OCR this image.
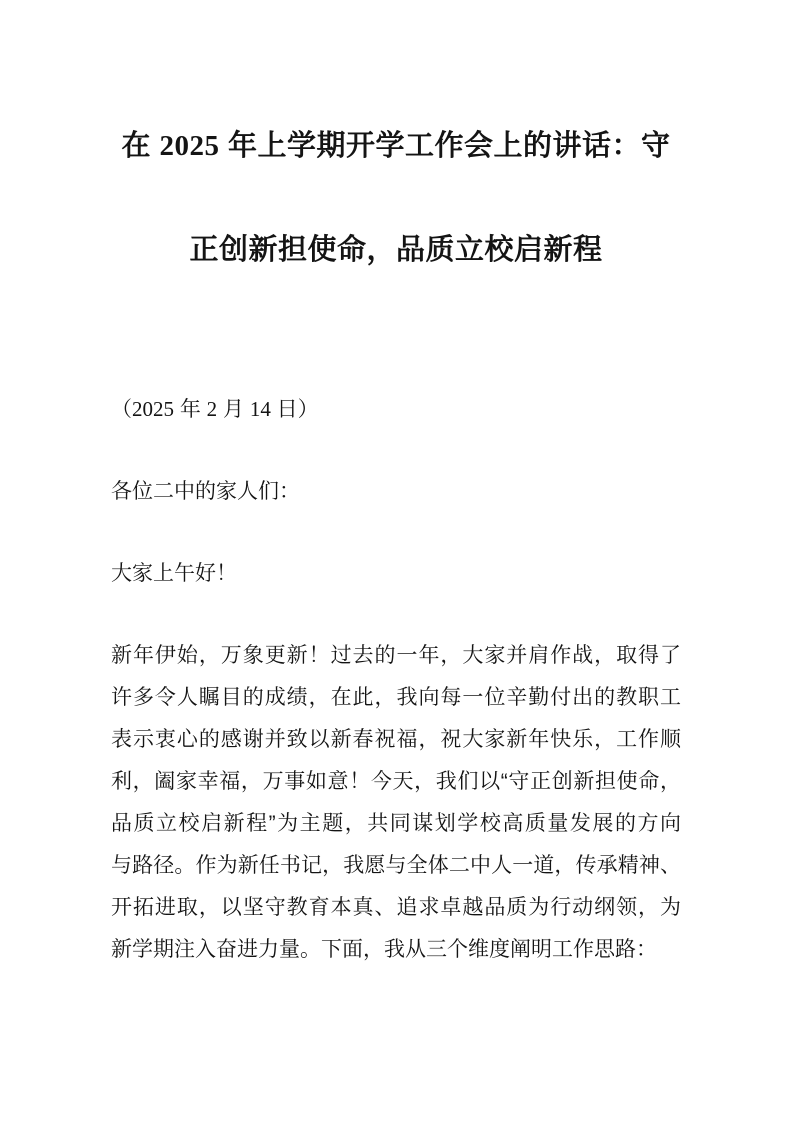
在 2025 年上学期开学工作会上的讲话：守
正创新担使命，品质立校启新程

（2025 年 2 月 14 日）

各位二中的家人们：

大家上午好！

新年伊始，万象更新！过去的一年，大家并肩作战，取得了
许多令人瞩目的成绩，在此，我向每一位辛勤付出的教职工
表示衷心的感谢并致以新春祝福，祝大家新年快乐，工作顺
利，阖家幸福，万事如意！今天，我们以“守正创新担使命，
品质立校启新程”为主题，共同谋划学校高质量发展的方向
与路径。作为新任书记，我愿与全体二中人一道，传承精神、
开拓进取，以坚守教育本真、追求卓越品质为行动纲领，为
新学期注入奋进力量。下面，我从三个维度阐明工作思路：
